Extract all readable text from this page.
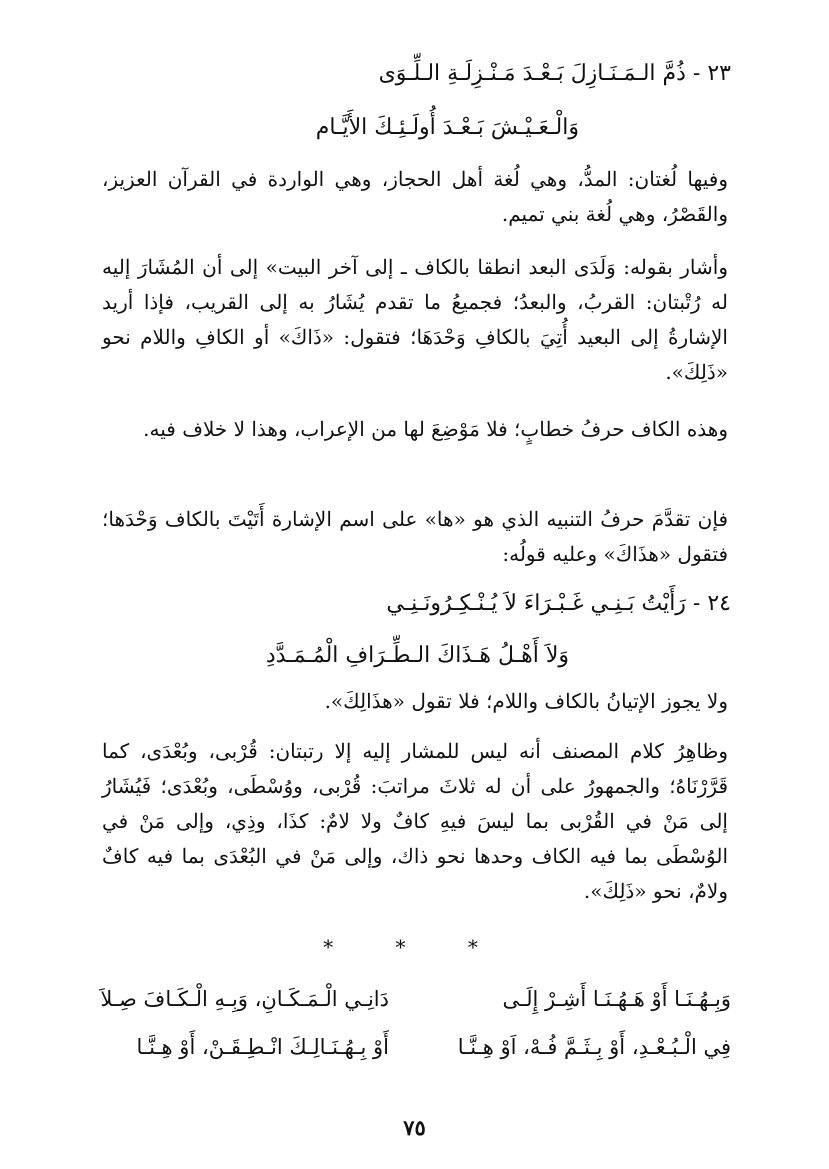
٢٣ - ذُمَّ الـمَـنَـازِلَ بَـعْـدَ مَـنْـزِلَـةِ الـلِّـوَى
وَالْـعَـيْـشَ بَـعْـدَ أُولَـئِـكَ الأَيَّـام
وفيها لُغتان: المدُّ، وهي لُغة أهل الحجاز، وهي الواردة في القرآن العزيز، والقَصْرُ، وهي لُغة بني تميم.
وأشار بقوله: وَلَدَى البعد انطقا بالكاف ـ إلى آخر البيت» إلى أن المُشَارَ إليه له رُتْبتان: القربُ، والبعدُ؛ فجميعُ ما تقدم يُشَارُ به إلى القريب، فإذا أريد الإشارةُ إلى البعيد أُتِيَ بالكافِ وَحْدَهَا؛ فتقول: «ذَاكَ» أو الكافِ واللام نحو «ذَلِكَ».
وهذه الكاف حرفُ خطابٍ؛ فلا مَوْضِعَ لها من الإعراب، وهذا لا خلاف فيه.
فإن تقدَّمَ حرفُ التنبيه الذي هو «ها» على اسم الإشارة أَتَيْتَ بالكاف وَحْدَها؛ فتقول «هذَاكَ» وعليه قولُه:
٢٤ - رَأَيْتُ بَـنِـي غَـبْـرَاءَ لاَ يُـنْـكِـرُونَـنِـي
وَلاَ أَهْـلُ هَـذَاكَ الـطِّـرَافِ الْمُـمَـدَّدِ
ولا يجوز الإتيانُ بالكاف واللام؛ فلا تقول «هذَالِكَ».
وظاهِرُ كلام المصنف أنه ليس للمشار إليه إلا رتبتان: قُرْبى، وبُعْدَى، كما قَرَّرْنَاهُ؛ والجمهورُ على أن له ثلاثَ مراتبَ: قُرْبى، ووُسْطَى، وبُعْدَى؛ فَيُشَارُ إلى مَنْ في القُرْبى بما ليسَ فيهِ كافٌ ولا لامٌ: كذَا، وذِي، وإلى مَنْ في الوُسْطَى بما فيه الكاف وحدها نحو ذاك، وإلى مَنْ في البُعْدَى بما فيه كافٌ ولامٌ، نحو «ذَلِكَ».
* * *
وَبِـهُـنَـا أَوْ هَـهُـنَـا أَشِـرْ إِلَـى
دَانِـي الْـمَـكَـانِ، وَبِـهِ الْـكَـافَ صِـلاَ
فِي الْـبُـعْـدِ، أَوْ بِـثَـمَّ فُـهْ، اَوْ هِـنَّـا
أَوْ بِـهُـنَـالِـكَ انْـطِـقَـنْ، أَوْ هِـنَّـا
٧٥
